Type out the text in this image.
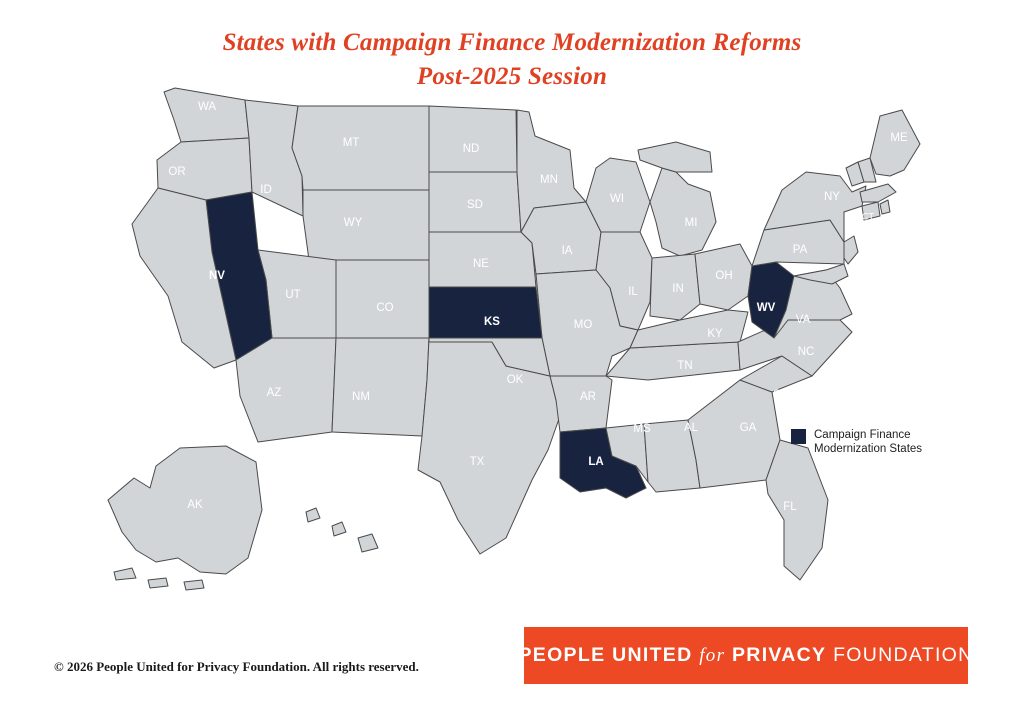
States with Campaign Finance Modernization Reforms
Post-2025 Session
WA
OR
ID
MT	ND
SD
MN
WI
MI
ME
NY
WY
NV
UT
CO
NE
IA
IL	IN
OH
PA
CT
CA	KS	MO
KY
WV
VA
AZ	NM
OK
AR
TN
NC
SC
MS	AL	GA
LA
TX
FL
AK
Campaign Finance
Modernization States
© 2026 People United for Privacy Foundation. All rights reserved.
PEOPLE UNITED for PRIVACY FOUNDATION
